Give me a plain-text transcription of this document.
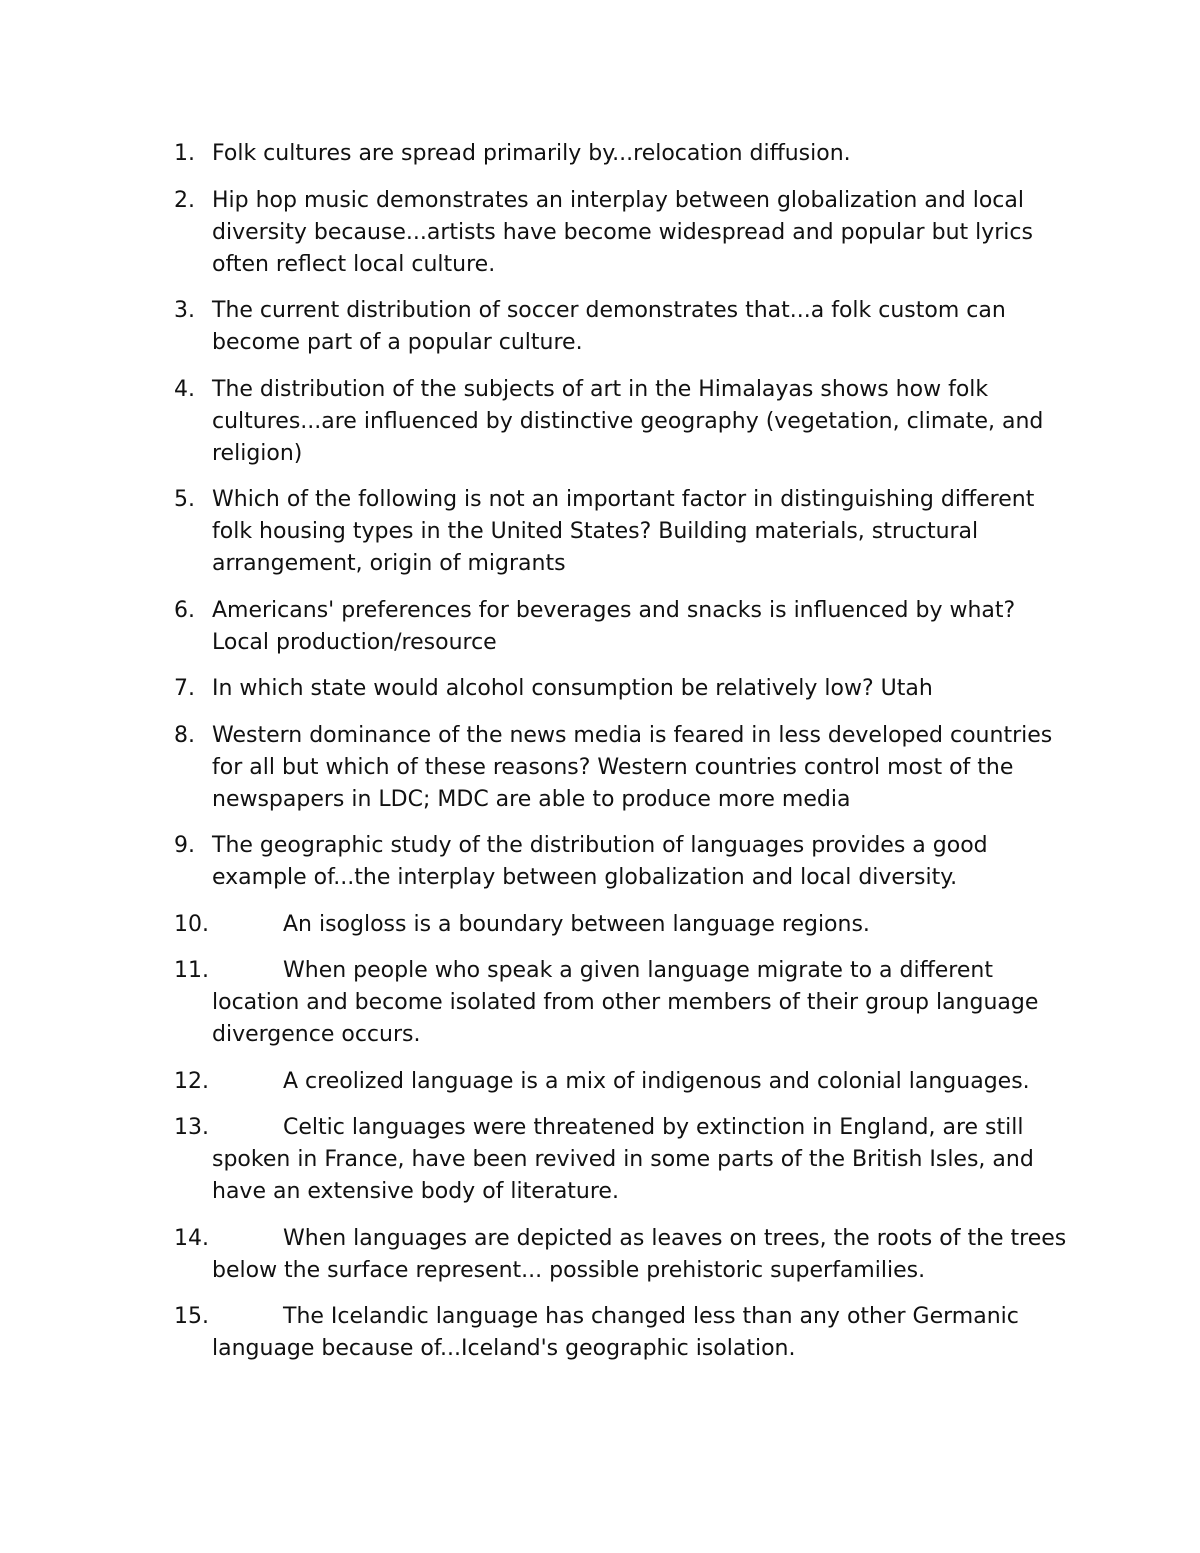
1. Folk cultures are spread primarily by...relocation diffusion.
2. Hip hop music demonstrates an interplay between globalization and local diversity because...artists have become widespread and popular but lyrics often reflect local culture.
3. The current distribution of soccer demonstrates that...a folk custom can become part of a popular culture.
4. The distribution of the subjects of art in the Himalayas shows how folk cultures...are influenced by distinctive geography (vegetation, climate, and religion)
5. Which of the following is not an important factor in distinguishing different folk housing types in the United States? Building materials, structural arrangement, origin of migrants
6. Americans' preferences for beverages and snacks is influenced by what? Local production/resource
7. In which state would alcohol consumption be relatively low? Utah
8. Western dominance of the news media is feared in less developed countries for all but which of these reasons? Western countries control most of the newspapers in LDC; MDC are able to produce more media
9. The geographic study of the distribution of languages provides a good example of...the interplay between globalization and local diversity.
10.	An isogloss is a boundary between language regions.
11.	When people who speak a given language migrate to a different location and become isolated from other members of their group language divergence occurs.
12.	A creolized language is a mix of indigenous and colonial languages.
13.	Celtic languages were threatened by extinction in England, are still spoken in France, have been revived in some parts of the British Isles, and have an extensive body of literature.
14.	When languages are depicted as leaves on trees, the roots of the trees below the surface represent... possible prehistoric superfamilies.
15.	The Icelandic language has changed less than any other Germanic language because of...Iceland's geographic isolation.
